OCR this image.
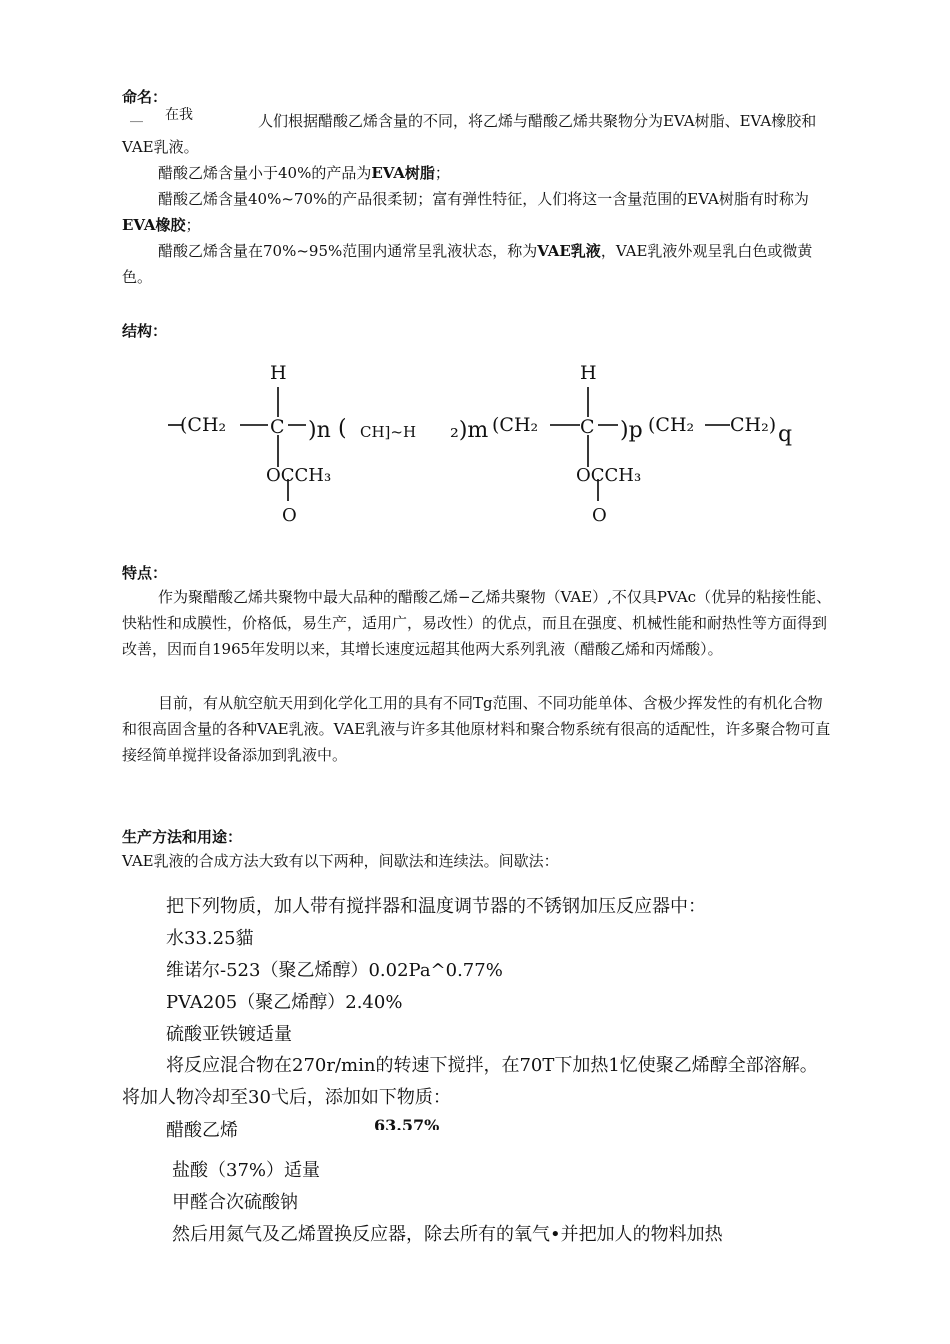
命名：
__ 在我	人们根据醋酸乙烯含量的不同，将乙烯与醋酸乙烯共聚物分为EVA树脂、EVA橡胶和VAE乳液。
醋酸乙烯含量小于40%的产品为EVA树脂；
醋酸乙烯含量40%~70%的产品很柔韧；富有弹性特征，人们将这一含量范围的EVA树脂有时称为EVA橡胶；
醋酸乙烯含量在70%~95%范围内通常呈乳液状态，称为VAE乳液，VAE乳液外观呈乳白色或微黄色。
结构：
H
(CH₂ C )n ( CH]~H ₂)m (CH₂
H
C )p (CH₂ CH₂) q
OCCH₃
O
OCCH₃
O
特点：
作为聚醋酸乙烯共聚物中最大品种的醋酸乙烯−乙烯共聚物（VAE）,不仅具PVAc（优异的粘接性能、快粘性和成膜性，价格低，易生产，适用广，易改性）的优点，而且在强度、机械性能和耐热性等方面得到改善，因而自1965年发明以来，其增长速度远超其他两大系列乳液（醋酸乙烯和丙烯酸）。
目前，有从航空航天用到化学化工用的具有不同Tg范围、不同功能单体、含极少挥发性的有机化合物和很高固含量的各种VAE乳液。VAE乳液与许多其他原材料和聚合物系统有很高的适配性，许多聚合物可直接经简单搅拌设备添加到乳液中。
生产方法和用途：
VAE乳液的合成方法大致有以下两种，间歇法和连续法。间歇法：
把下列物质，加人带有搅拌器和温度调节器的不锈钢加压反应器中：
水33.25貓
维诺尔-523（聚乙烯醇）0.02Pa^0.77%
PVA205（聚乙烯醇）2.40%
硫酸亚铁镀适量
将反应混合物在270r/min的转速下搅拌，在70T下加热1忆使聚乙烯醇全部溶解。将加人物冷却至30弋后，添加如下物质：
醋酸乙烯	63.57%
盐酸（37%）适量
甲醛合次硫酸钠
然后用氮气及乙烯置换反应器，除去所有的氧气•并把加人的物料加热
